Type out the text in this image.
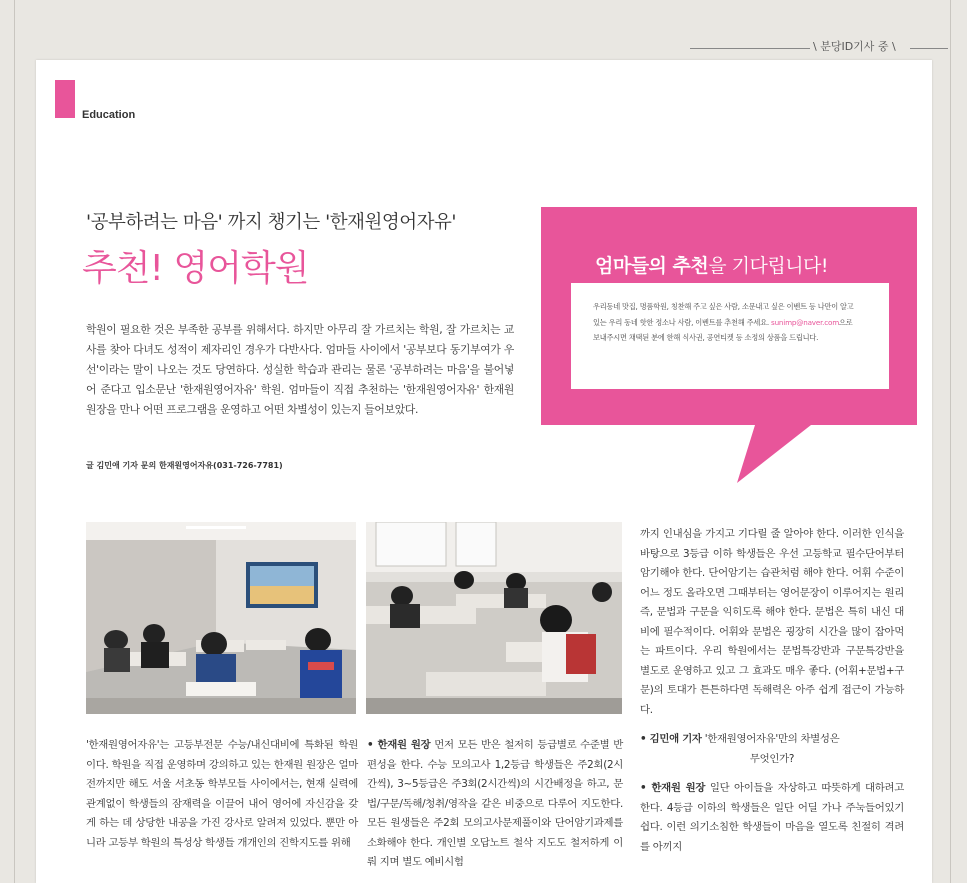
\ 분당ID기사 중 \
Education
'공부하려는 마음' 까지 챙기는 '한재원영어자유'
추천! 영어학원
학원이 필요한 것은 부족한 공부를 위해서다. 하지만 아무리 잘 가르치는 학원, 잘 가르치는 교사를 찾아 다녀도 성적이 제자리인 경우가 다반사다. 엄마들 사이에서 '공부보다 동기부여가 우선'이라는 말이 나오는 것도 당연하다. 성실한 학습과 관리는 물론 '공부하려는 마음'을 불어넣어 준다고 입소문난 '한재원영어자유' 학원. 엄마들이 직접 추천하는 '한재원영어자유' 한재원 원장을 만나 어떤 프로그램을 운영하고 어떤 차별성이 있는지 들어보았다.
글 김민애 기자 문의 한재원영어자유(031-726-7781)
엄마들의 추천을 기다립니다!
우리동네 맛집, 명품학원, 칭찬해 주고 싶은 사람, 소문내고 싶은 이벤트 등 나만이 알고 있는 우리 동네 핫한 정소나 사람, 이벤트를 추천해 주세요. sunimp@naver.com으로 보내주시면 채택된 분에 한해 식사권, 공연티켓 등 소정의 상품을 드립니다.
'한재원영어자유'는 고등부전문 수능/내신대비에 특화된 학원이다. 학원을 직접 운영하며 강의하고 있는 한재원 원장은 얼마 전까지만 해도 서울 서초동 학부모들 사이에서는, 현재 실력에 관계없이 학생들의 잠재력을 이끌어 내어 영어에 자신감을 갖게 하는 데 상당한 내공을 가진 강사로 알려져 있었다. 뿐만 아니라 고등부 학원의 특성상 학생들 개개인의 진학지도를 위해
• 한재원 원장 먼저 모든 반은 철저히 등급별로 수준별 반 편성을 한다. 수능 모의고사 1,2등급 학생들은 주2회(2시간씩), 3~5등급은 주3회(2시간씩)의 시간배정을 하고, 문법/구문/독해/청취/영작을 같은 비중으로 다루어 지도한다. 모든 원생들은 주2회 모의고사문제풀이와 단어암기과제를 소화해야 한다. 개인별 오답노트 철삭 지도도 철저하게 이뤄 지며 별도 예비시험
까지 인내심을 가지고 기다릴 줄 알아야 한다. 이러한 인식을 바탕으로 3등급 이하 학생들은 우선 고등학교 필수단어부터 암기해야 한다. 단어암기는 습관처럼 해야 한다. 어휘 수준이 어느 정도 올라오면 그때부터는 영어문장이 이루어지는 원리 즉, 문법과 구문을 익히도록 해야 한다. 문법은 특히 내신 대비에 필수적이다. 어휘와 문법은 굉장히 시간을 많이 잡아먹는 파트이다. 우리 학원에서는 문법특강반과 구문특강반을 별도로 운영하고 있고 그 효과도 매우 좋다. (어휘+문법+구문)의 토대가 튼튼하다면 독해력은 아주 쉽게 접근이 가능하다.
• 김민애 기자 '한재원영어자유'만의 차별성은
무엇인가?
• 한재원 원장 일단 아이들을 자상하고 따뜻하게 대하려고 한다. 4등급 이하의 학생들은 일단 어딜 가나 주눅들어있기 쉽다. 이런 의기소침한 학생들이 마음을 열도록 친절히 격려를 아끼지
